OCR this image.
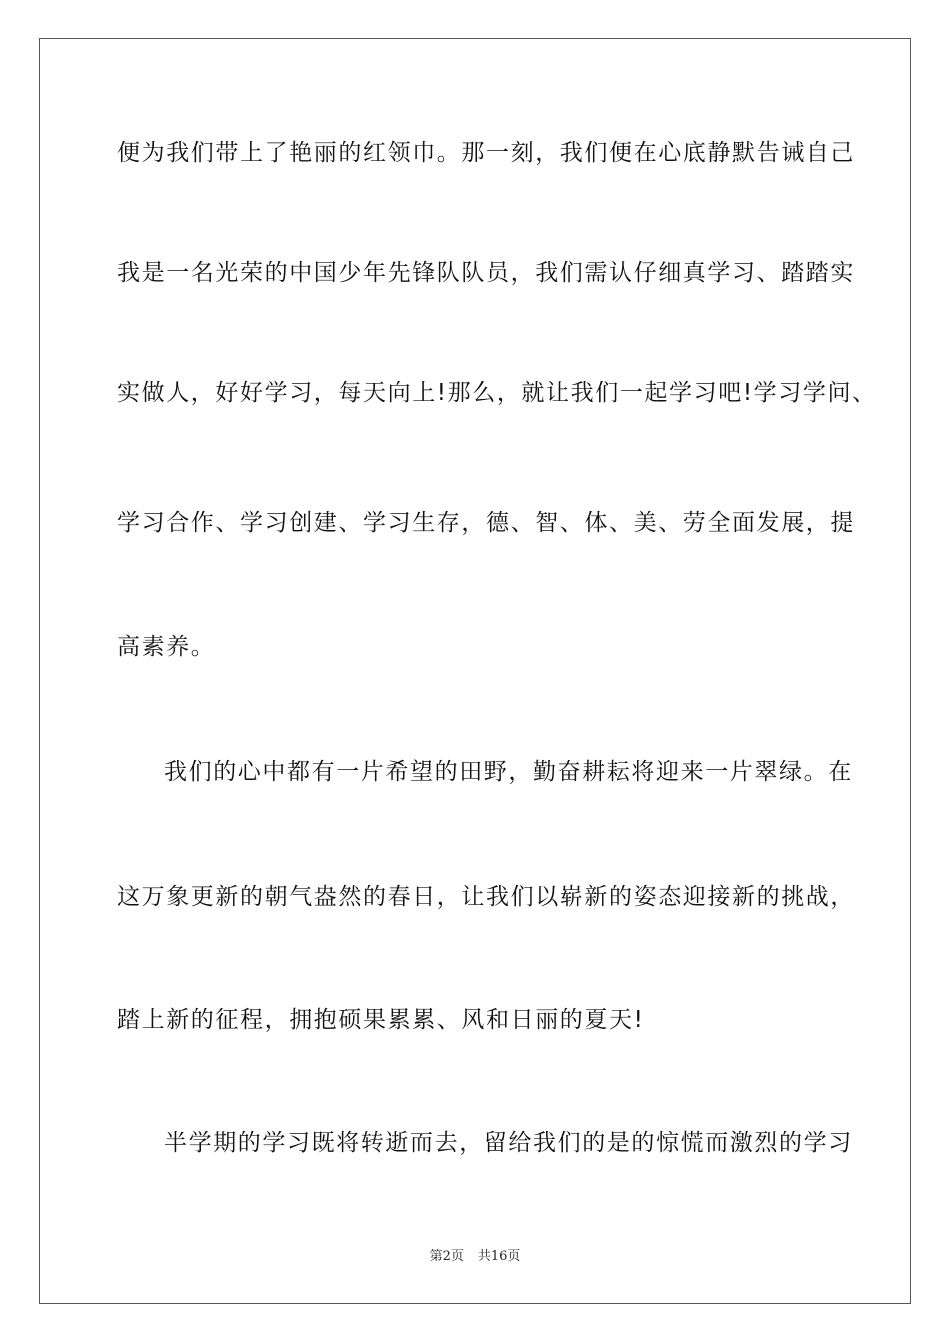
便为我们带上了艳丽的红领巾。那一刻，我们便在心底静默告诫自己
我是一名光荣的中国少年先锋队队员，我们需认仔细真学习、踏踏实
实做人，好好学习，每天向上!那么，就让我们一起学习吧!学习学问、
学习合作、学习创建、学习生存，德、智、体、美、劳全面发展，提
高素养。
我们的心中都有一片希望的田野，勤奋耕耘将迎来一片翠绿。在
这万象更新的朝气盎然的春日，让我们以崭新的姿态迎接新的挑战，
踏上新的征程，拥抱硕果累累、风和日丽的夏天!
半学期的学习既将转逝而去，留给我们的是的惊慌而激烈的学习
第2页 共16页
